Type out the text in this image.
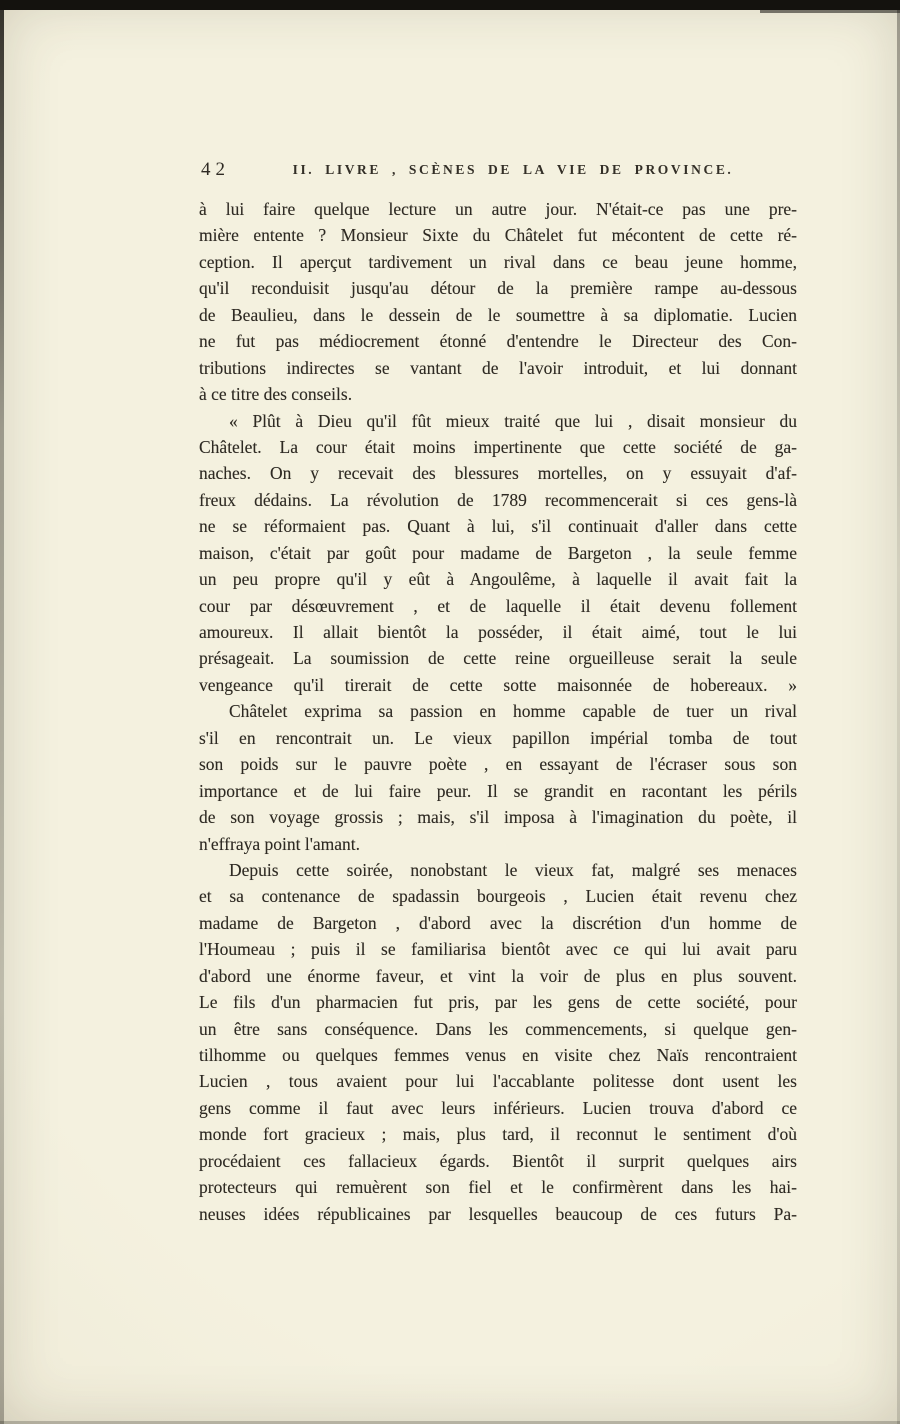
42	II. LIVRE , SCÈNES DE LA VIE DE PROVINCE.
à lui faire quelque lecture un autre jour. N'était-ce pas une pre-
mière entente ? Monsieur Sixte du Châtelet fut mécontent de cette ré-
ception. Il aperçut tardivement un rival dans ce beau jeune homme,
qu'il reconduisit jusqu'au détour de la première rampe au-dessous
de Beaulieu, dans le dessein de le soumettre à sa diplomatie. Lucien
ne fut pas médiocrement étonné d'entendre le Directeur des Con-
tributions indirectes se vantant de l'avoir introduit, et lui donnant
à ce titre des conseils.
« Plût à Dieu qu'il fût mieux traité que lui , disait monsieur du
Châtelet. La cour était moins impertinente que cette société de ga-
naches. On y recevait des blessures mortelles, on y essuyait d'af-
freux dédains. La révolution de 1789 recommencerait si ces gens-là
ne se réformaient pas. Quant à lui, s'il continuait d'aller dans cette
maison, c'était par goût pour madame de Bargeton , la seule femme
un peu propre qu'il y eût à Angoulême, à laquelle il avait fait la
cour par désœuvrement , et de laquelle il était devenu follement
amoureux. Il allait bientôt la posséder, il était aimé, tout le lui
présageait. La soumission de cette reine orgueilleuse serait la seule
vengeance qu'il tirerait de cette sotte maisonnée de hobereaux. »
Châtelet exprima sa passion en homme capable de tuer un rival
s'il en rencontrait un. Le vieux papillon impérial tomba de tout
son poids sur le pauvre poète , en essayant de l'écraser sous son
importance et de lui faire peur. Il se grandit en racontant les périls
de son voyage grossis ; mais, s'il imposa à l'imagination du poète, il
n'effraya point l'amant.
Depuis cette soirée, nonobstant le vieux fat, malgré ses menaces
et sa contenance de spadassin bourgeois , Lucien était revenu chez
madame de Bargeton , d'abord avec la discrétion d'un homme de
l'Houmeau ; puis il se familiarisa bientôt avec ce qui lui avait paru
d'abord une énorme faveur, et vint la voir de plus en plus souvent.
Le fils d'un pharmacien fut pris, par les gens de cette société, pour
un être sans conséquence. Dans les commencements, si quelque gen-
tilhomme ou quelques femmes venus en visite chez Naïs rencontraient
Lucien , tous avaient pour lui l'accablante politesse dont usent les
gens comme il faut avec leurs inférieurs. Lucien trouva d'abord ce
monde fort gracieux ; mais, plus tard, il reconnut le sentiment d'où
procédaient ces fallacieux égards. Bientôt il surprit quelques airs
protecteurs qui remuèrent son fiel et le confirmèrent dans les hai-
neuses idées républicaines par lesquelles beaucoup de ces futurs Pa-
